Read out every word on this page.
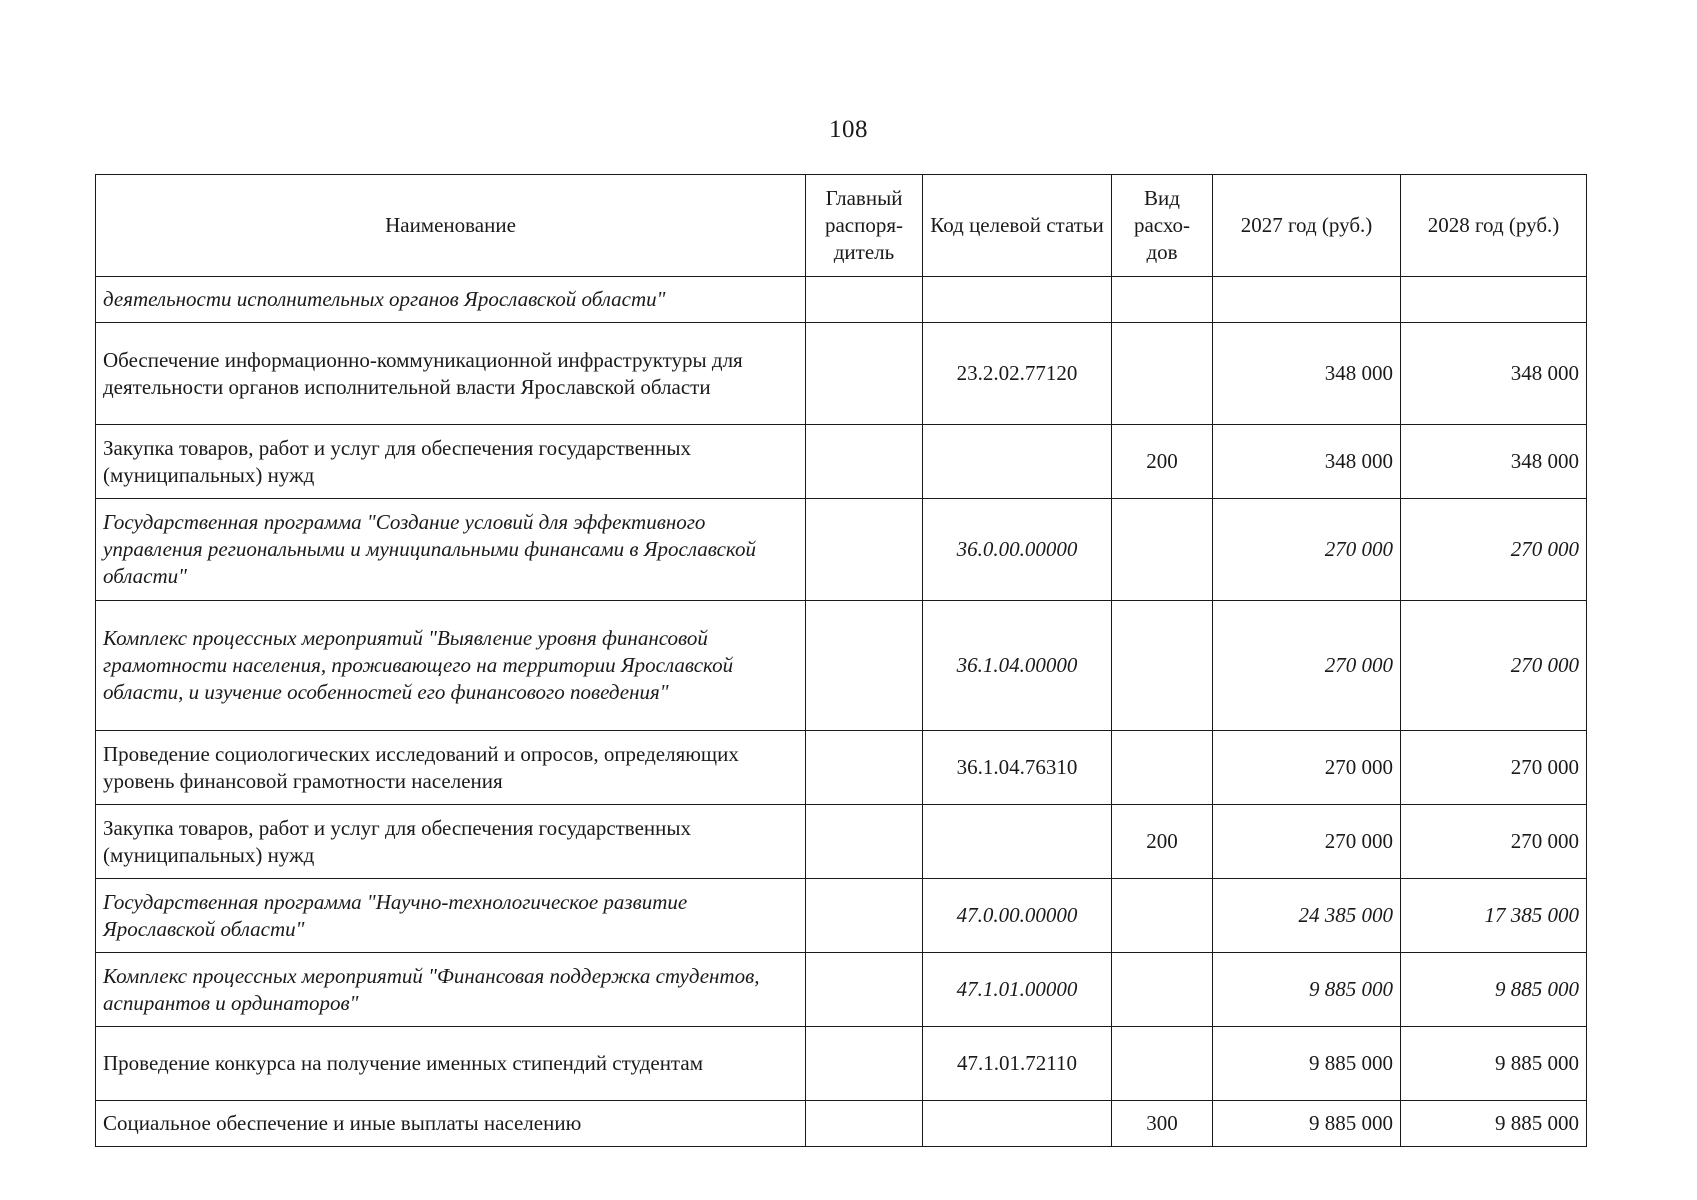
108
Наименование	Главный распоря-дитель	Код целевой статьи	Вид расхо-дов	2027 год (руб.)	2028 год (руб.)
деятельности исполнительных органов Ярославской области"					
Обеспечение информационно-коммуникационной инфраструктуры для деятельности органов исполнительной власти Ярославской области		23.2.02.77120		348 000	348 000
Закупка товаров, работ и услуг для обеспечения государственных (муниципальных) нужд			200	348 000	348 000
Государственная программа "Создание условий для эффективного управления региональными и муниципальными финансами в Ярославской области"		36.0.00.00000		270 000	270 000
Комплекс процессных мероприятий "Выявление уровня финансовой грамотности населения, проживающего на территории Ярославской области, и изучение особенностей его финансового поведения"		36.1.04.00000		270 000	270 000
Проведение социологических исследований и опросов, определяющих уровень финансовой грамотности населения		36.1.04.76310		270 000	270 000
Закупка товаров, работ и услуг для обеспечения государственных (муниципальных) нужд			200	270 000	270 000
Государственная программа "Научно-технологическое развитие Ярославской области"		47.0.00.00000		24 385 000	17 385 000
Комплекс процессных мероприятий "Финансовая поддержка студентов, аспирантов и ординаторов"		47.1.01.00000		9 885 000	9 885 000
Проведение конкурса на получение именных стипендий студентам		47.1.01.72110		9 885 000	9 885 000
Социальное обеспечение и иные выплаты населению			300	9 885 000	9 885 000
